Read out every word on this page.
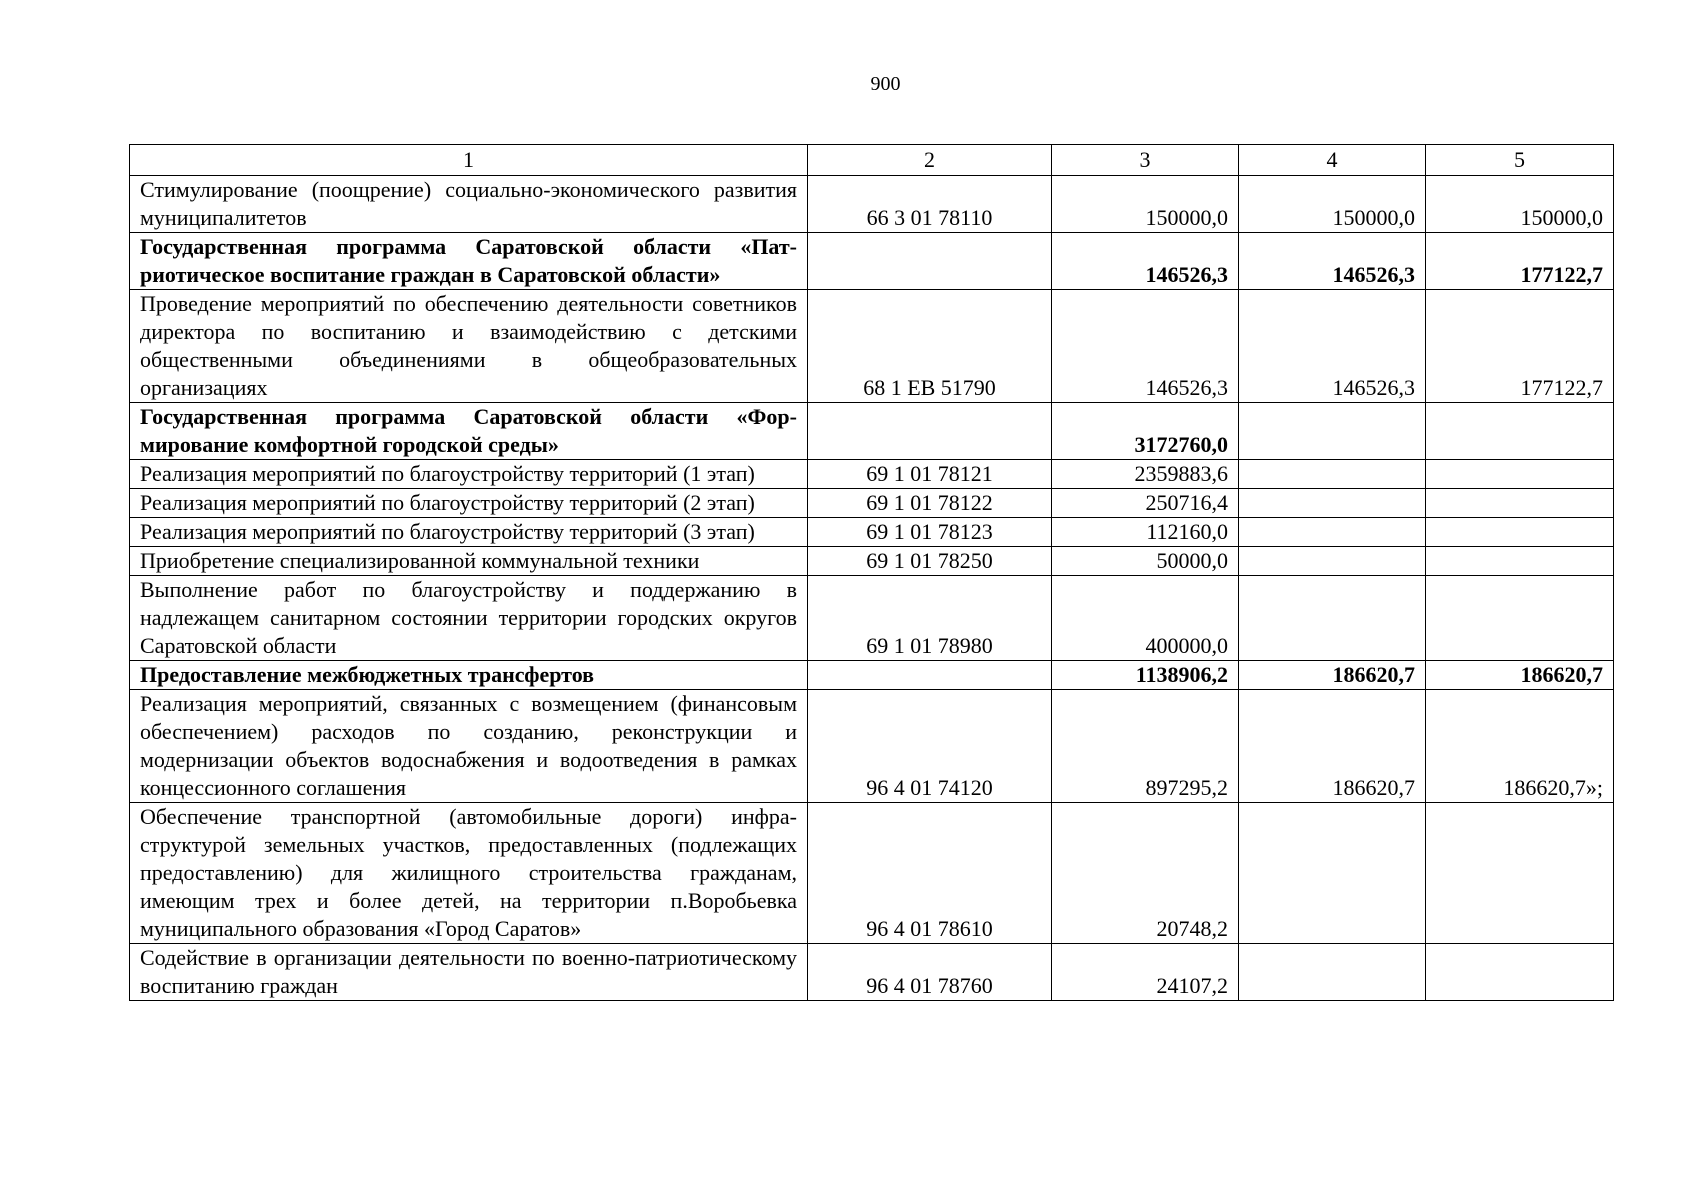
900
1	2	3	4	5
Стимулирование (поощрение) социально-экономического развития муниципалитетов	66 3 01 78110	150000,0	150000,0	150000,0
Государственная программа Саратовской области «Патриотическое воспитание граждан в Саратовской области»		146526,3	146526,3	177122,7
Проведение мероприятий по обеспечению деятельности советников директора по воспитанию и взаимодействию с детскими общественными объединениями в общеобразовательных организациях	68 1 ЕВ 51790	146526,3	146526,3	177122,7
Государственная программа Саратовской области «Формирование комфортной городской среды»		3172760,0		
Реализация мероприятий по благоустройству территорий (1 этап)	69 1 01 78121	2359883,6		
Реализация мероприятий по благоустройству территорий (2 этап)	69 1 01 78122	250716,4		
Реализация мероприятий по благоустройству территорий (3 этап)	69 1 01 78123	112160,0		
Приобретение специализированной коммунальной техники	69 1 01 78250	50000,0		
Выполнение работ по благоустройству и поддержанию в надлежащем санитарном состоянии территории городских округов Саратовской области	69 1 01 78980	400000,0		
Предоставление межбюджетных трансфертов		1138906,2	186620,7	186620,7
Реализация мероприятий, связанных с возмещением (финансовым обеспечением) расходов по созданию, реконструкции и модернизации объектов водоснабжения и водоотведения в рамках концессионного соглашения	96 4 01 74120	897295,2	186620,7	186620,7»;
Обеспечение транспортной (автомобильные дороги) инфраструктурой земельных участков, предоставленных (подлежащих предоставлению) для жилищного строительства гражданам, имеющим трех и более детей, на территории п.Воробьевка муниципального образования «Город Саратов»	96 4 01 78610	20748,2		
Содействие в организации деятельности по военно-патриотическому воспитанию граждан	96 4 01 78760	24107,2		
